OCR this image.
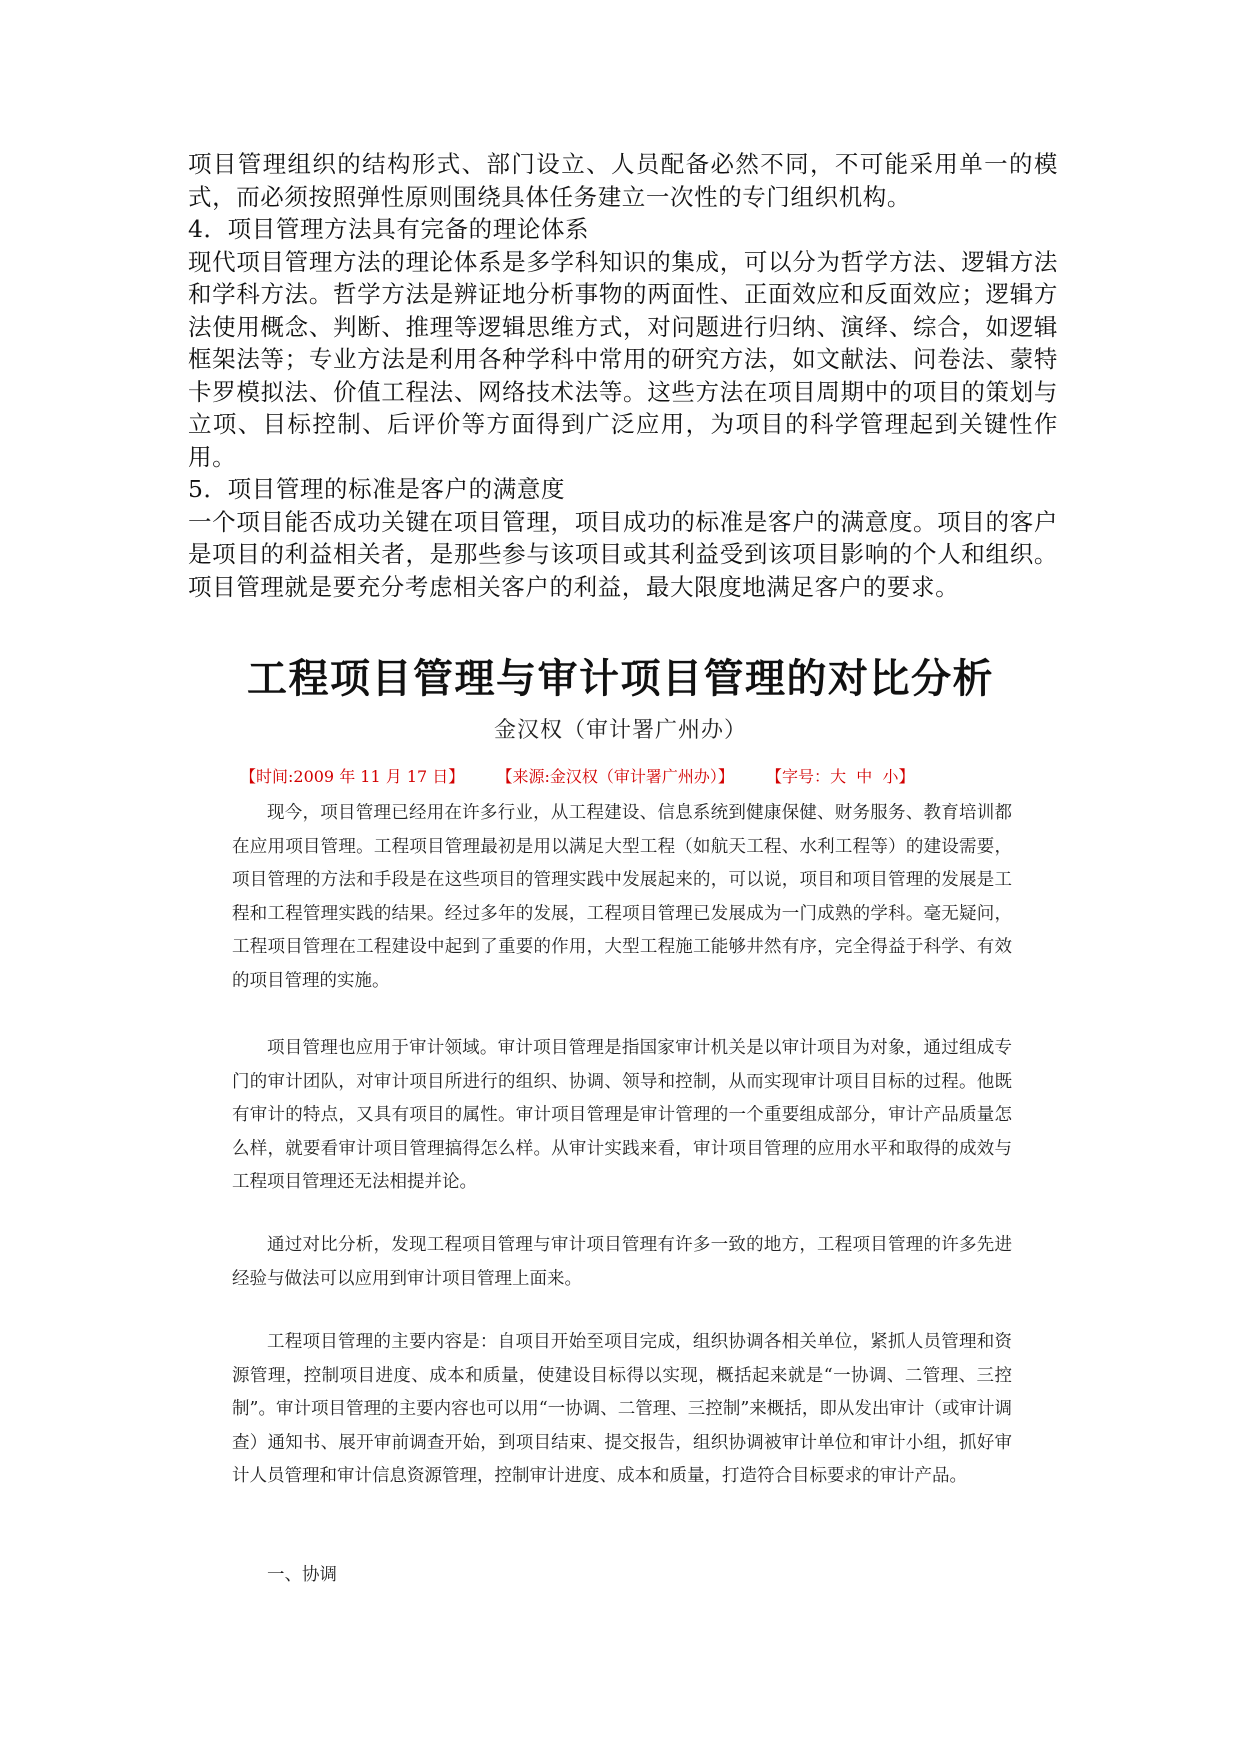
项目管理组织的结构形式、部门设立、人员配备必然不同，不可能采用单一的模式，而必须按照弹性原则围绕具体任务建立一次性的专门组织机构。

4．项目管理方法具有完备的理论体系

现代项目管理方法的理论体系是多学科知识的集成，可以分为哲学方法、逻辑方法和学科方法。哲学方法是辨证地分析事物的两面性、正面效应和反面效应；逻辑方法使用概念、判断、推理等逻辑思维方式，对问题进行归纳、演绎、综合，如逻辑框架法等；专业方法是利用各种学科中常用的研究方法，如文献法、问卷法、蒙特卡罗模拟法、价值工程法、网络技术法等。这些方法在项目周期中的项目的策划与立项、目标控制、后评价等方面得到广泛应用，为项目的科学管理起到关键性作用。

5．项目管理的标准是客户的满意度

一个项目能否成功关键在项目管理，项目成功的标准是客户的满意度。项目的客户是项目的利益相关者，是那些参与该项目或其利益受到该项目影响的个人和组织。项目管理就是要充分考虑相关客户的利益，最大限度地满足客户的要求。

工程项目管理与审计项目管理的对比分析
金汉权（审计署广州办）
【时间:2009 年 11 月 17 日】 【来源:金汉权（审计署广州办）】 【字号：大 中 小】

现今，项目管理已经用在许多行业，从工程建设、信息系统到健康保健、财务服务、教育培训都在应用项目管理。工程项目管理最初是用以满足大型工程（如航天工程、水利工程等）的建设需要，项目管理的方法和手段是在这些项目的管理实践中发展起来的，可以说，项目和项目管理的发展是工程和工程管理实践的结果。经过多年的发展，工程项目管理已发展成为一门成熟的学科。毫无疑问，工程项目管理在工程建设中起到了重要的作用，大型工程施工能够井然有序，完全得益于科学、有效的项目管理的实施。

项目管理也应用于审计领域。审计项目管理是指国家审计机关是以审计项目为对象，通过组成专门的审计团队，对审计项目所进行的组织、协调、领导和控制，从而实现审计项目目标的过程。他既有审计的特点，又具有项目的属性。审计项目管理是审计管理的一个重要组成部分，审计产品质量怎么样，就要看审计项目管理搞得怎么样。从审计实践来看，审计项目管理的应用水平和取得的成效与工程项目管理还无法相提并论。

通过对比分析，发现工程项目管理与审计项目管理有许多一致的地方，工程项目管理的许多先进经验与做法可以应用到审计项目管理上面来。

工程项目管理的主要内容是：自项目开始至项目完成，组织协调各相关单位，紧抓人员管理和资源管理，控制项目进度、成本和质量，使建设目标得以实现，概括起来就是“一协调、二管理、三控制”。审计项目管理的主要内容也可以用“一协调、二管理、三控制”来概括，即从发出审计（或审计调查）通知书、展开审前调查开始，到项目结束、提交报告，组织协调被审计单位和审计小组，抓好审计人员管理和审计信息资源管理，控制审计进度、成本和质量，打造符合目标要求的审计产品。

一、协调
